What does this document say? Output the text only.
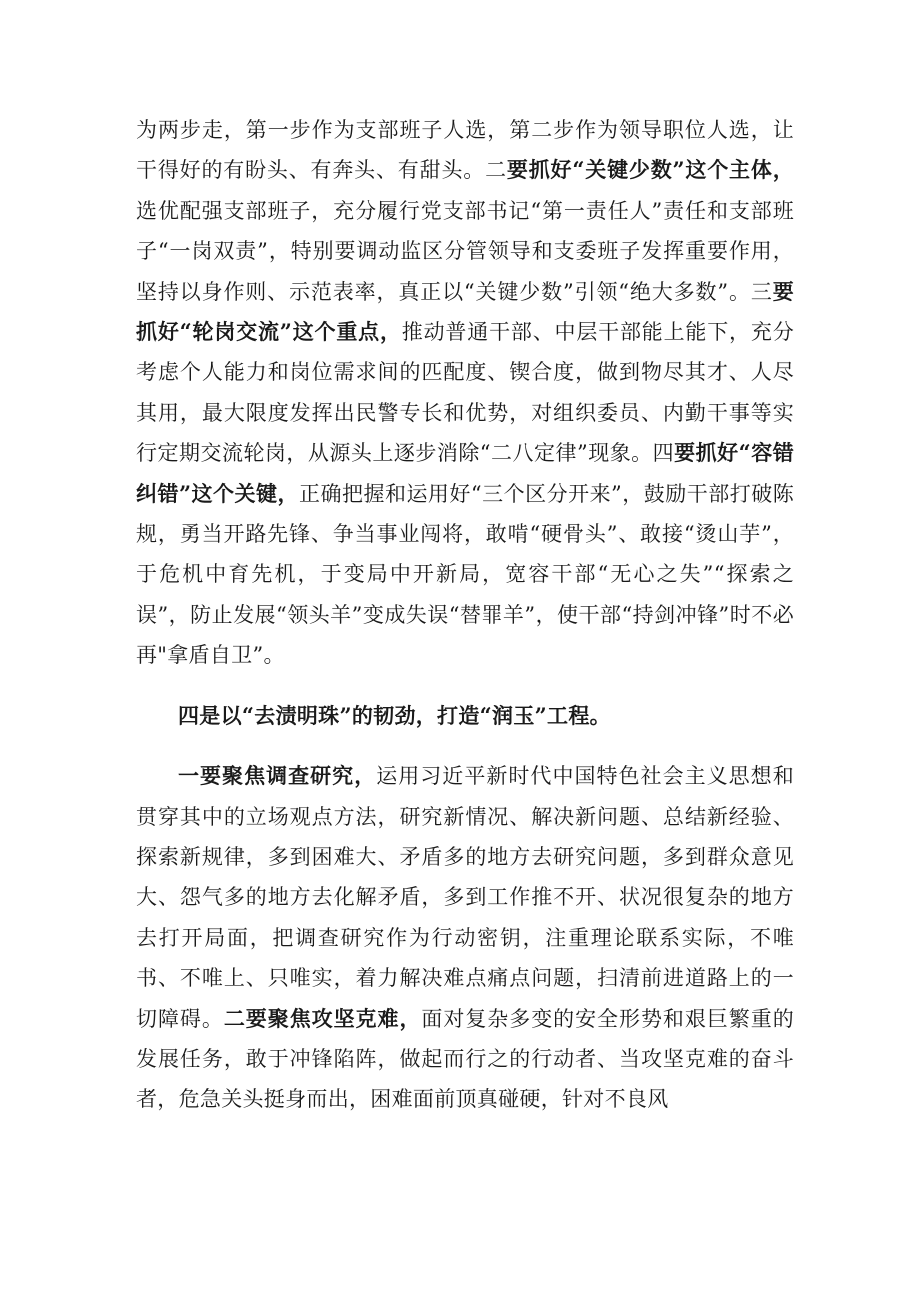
为两步走，第一步作为支部班子人选，第二步作为领导职位人选，让干得好的有盼头、有奔头、有甜头。二要抓好“关键少数”这个主体，选优配强支部班子，充分履行党支部书记“第一责任人”责任和支部班子“一岗双责”，特别要调动监区分管领导和支委班子发挥重要作用，坚持以身作则、示范表率，真正以“关键少数”引领“绝大多数”。三要抓好“轮岗交流”这个重点，推动普通干部、中层干部能上能下，充分考虑个人能力和岗位需求间的匹配度、锲合度，做到物尽其才、人尽其用，最大限度发挥出民警专长和优势，对组织委员、内勤干事等实行定期交流轮岗，从源头上逐步消除“二八定律”现象。四要抓好“容错纠错”这个关键，正确把握和运用好“三个区分开来”，鼓励干部打破陈规，勇当开路先锋、争当事业闯将，敢啃“硬骨头”、敢接“烫山芋”，于危机中育先机，于变局中开新局，宽容干部“无心之失”“探索之误”，防止发展“领头羊”变成失误“替罪羊”，使干部“持剑冲锋”时不必再"拿盾自卫”。

四是以“去渍明珠”的韧劲，打造“润玉”工程。

一要聚焦调查研究，运用习近平新时代中国特色社会主义思想和贯穿其中的立场观点方法，研究新情况、解决新问题、总结新经验、探索新规律，多到困难大、矛盾多的地方去研究问题，多到群众意见大、怨气多的地方去化解矛盾，多到工作推不开、状况很复杂的地方去打开局面，把调查研究作为行动密钥，注重理论联系实际，不唯书、不唯上、只唯实，着力解决难点痛点问题，扫清前进道路上的一切障碍。二要聚焦攻坚克难，面对复杂多变的安全形势和艰巨繁重的发展任务，敢于冲锋陷阵，做起而行之的行动者、当攻坚克难的奋斗者，危急关头挺身而出，困难面前顶真碰硬，针对不良风
